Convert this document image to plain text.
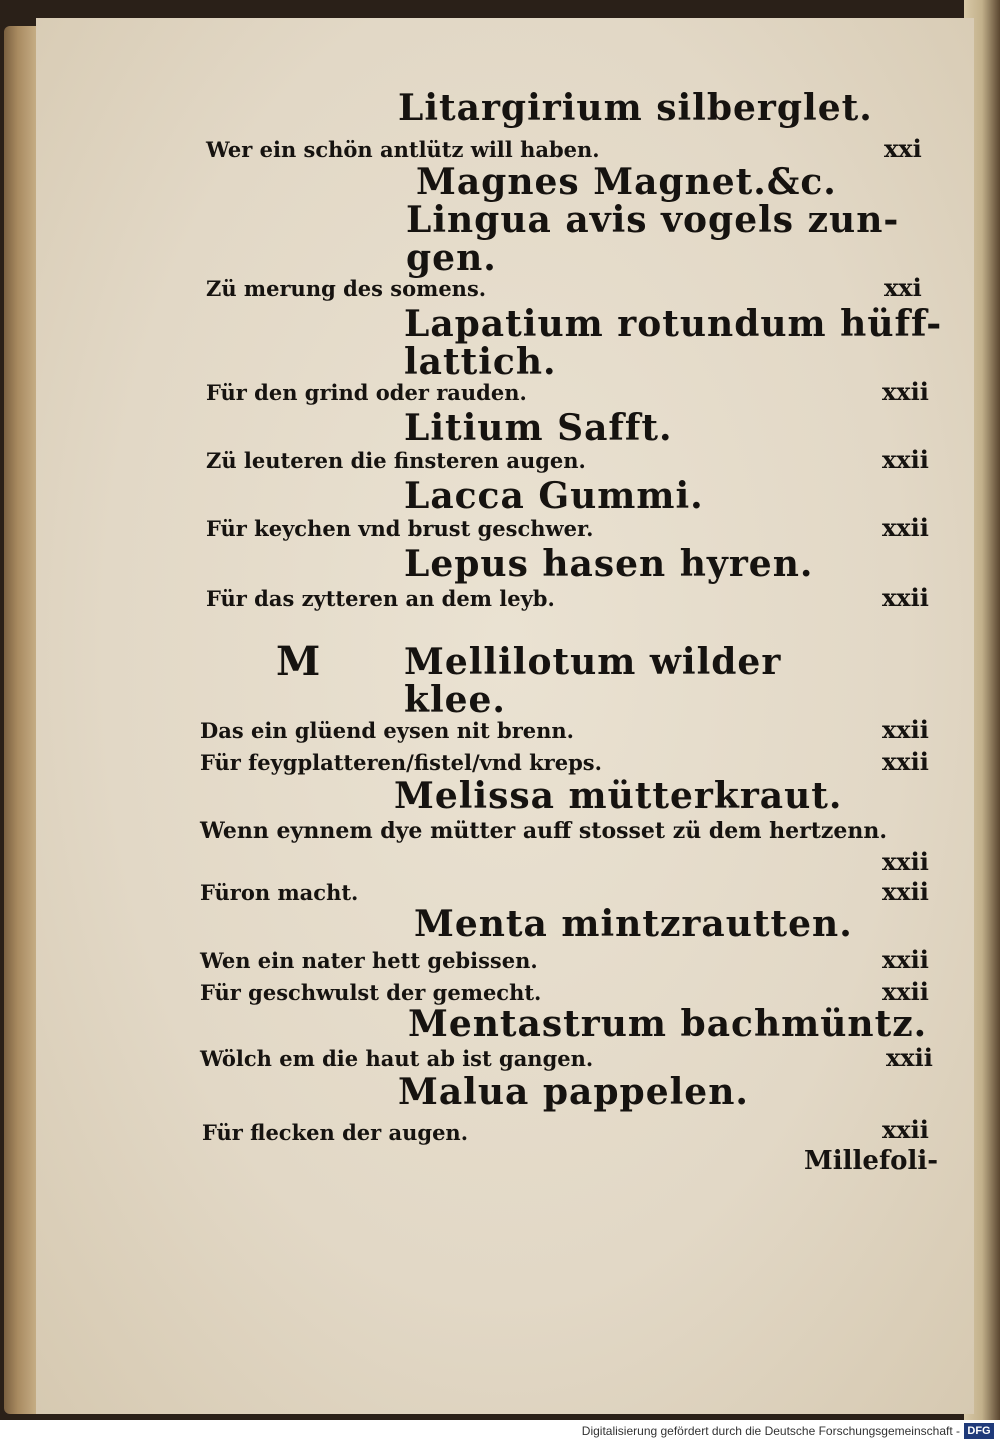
Litargirium silberglet.
Wer ein schön antlütz will haben.	xxi
Magnes Magnet.&c.
Lingua avis vogels zun-
gen.
Zü merung des somens.	xxi
Lapatium rotundum hüff-
lattich.
Für den grind oder rauden.	xxii
Litium Safft.
Zü leuteren die finsteren augen.	xxii
Lacca Gummi.
Für keychen vnd brust geschwer.	xxii
Lepus hasen hyren.
Für das zytteren an dem leyb.	xxii
M Mellilotum wilder
klee.
Das ein glüend eysen nit brenn.	xxii
Für feygplatteren/fistel/vnd kreps.	xxii
Melissa mütterkraut.
Wenn eynnem dye mütter auff stosset zü dem hertzenn.
xxii
Füron macht.	xxii
Menta mintzrautten.
Wen ein nater hett gebissen.	xxii
Für geschwulst der gemecht.	xxii
Mentastrum bachmüntz.
Wölch em die haut ab ist gangen.	xxii
Malua pappelen.
Für flecken der augen.	xxii
Millefoli-
Digitalisierung gefördert durch die Deutsche Forschungsgemeinschaft - DFG
